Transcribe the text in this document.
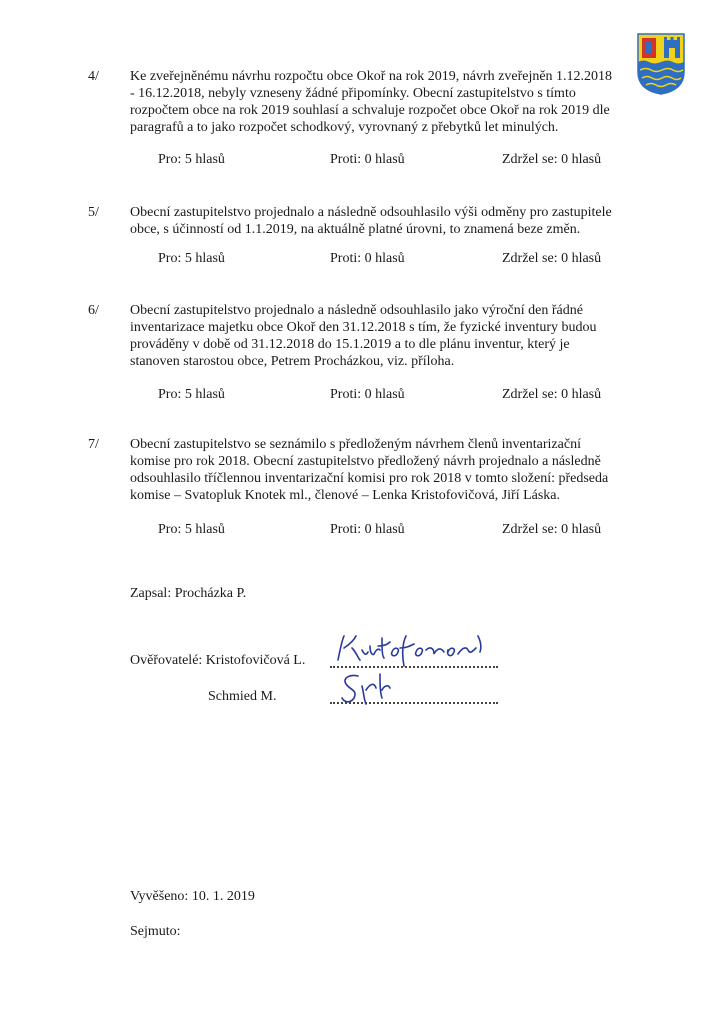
4/ Ke zveřejněnému návrhu rozpočtu obce Okoř na rok 2019, návrh zveřejněn 1.12.2018
- 16.12.2018, nebyly vzneseny žádné připomínky. Obecní zastupitelstvo s tímto
rozpočtem obce na rok 2019 souhlasí a schvaluje rozpočet obce Okoř na rok 2019 dle
paragrafů a to jako rozpočet schodkový, vyrovnaný z přebytků let minulých.
Pro: 5 hlasů	Proti: 0 hlasů	Zdržel se: 0 hlasů
5/ Obecní zastupitelstvo projednalo a následně odsouhlasilo výši odměny pro zastupitele
obce, s účinností od 1.1.2019, na aktuálně platné úrovni, to znamená beze změn.
Pro: 5 hlasů	Proti: 0 hlasů	Zdržel se: 0 hlasů
6/ Obecní zastupitelstvo projednalo a následně odsouhlasilo jako výroční den řádné
inventarizace majetku obce Okoř den 31.12.2018 s tím, že fyzické inventury budou
prováděny v době od 31.12.2018 do 15.1.2019 a to dle plánu inventur, který je
stanoven starostou obce, Petrem Procházkou, viz. příloha.
Pro: 5 hlasů	Proti: 0 hlasů	Zdržel se: 0 hlasů
7/ Obecní zastupitelstvo se seznámilo s předloženým návrhem členů inventarizační
komise pro rok 2018. Obecní zastupitelstvo předložený návrh projednalo a následně
odsouhlasilo tříčlennou inventarizační komisi pro rok 2018 v tomto složení: předseda
komise – Svatopluk Knotek ml., členové – Lenka Kristofovičová, Jiří Láska.
Pro: 5 hlasů	Proti: 0 hlasů	Zdržel se: 0 hlasů
Zapsal: Procházka P.
Ověřovatelé: Kristofovičová L.
Schmied M.
Vyvěšeno: 10. 1. 2019
Sejmuto:
